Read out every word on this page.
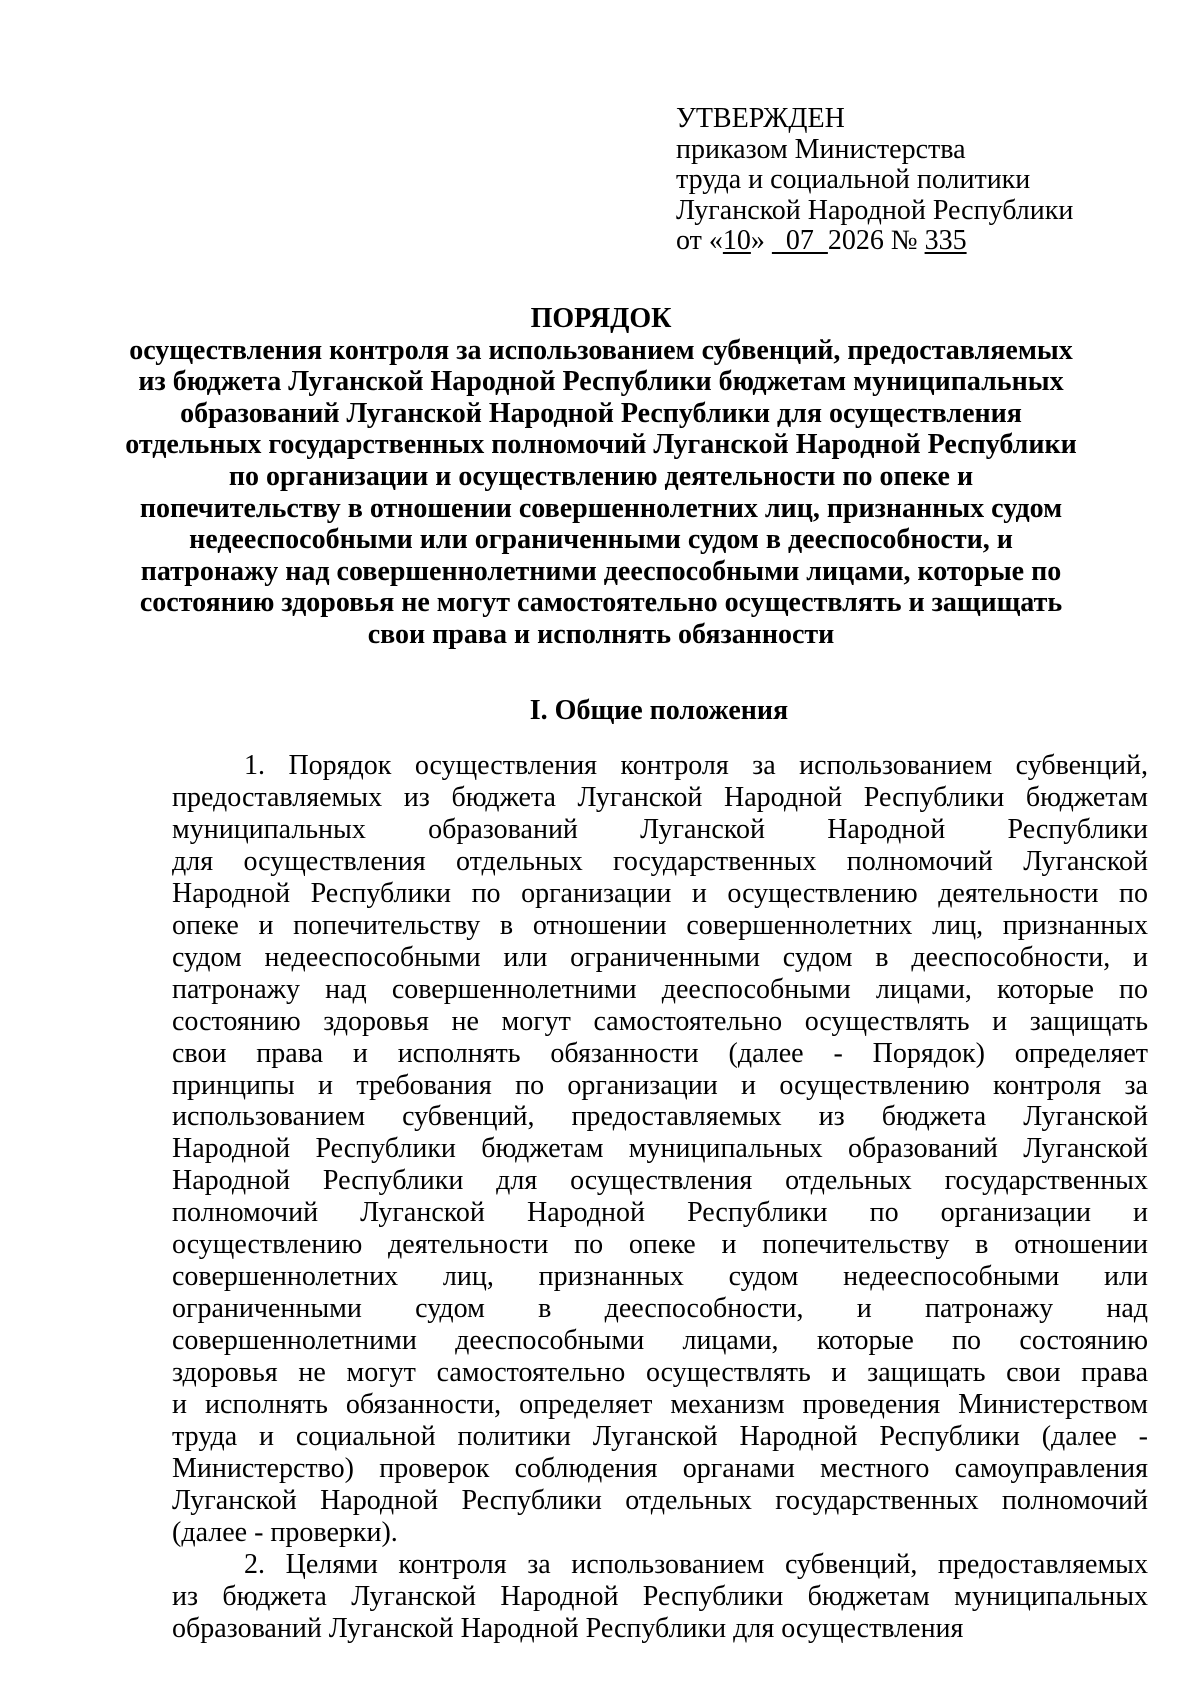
УТВЕРЖДЕН
приказом Министерства
труда и социальной политики
Луганской Народной Республики
от «10»   07  2026 № 335
ПОРЯДОК
осуществления контроля за использованием субвенций, предоставляемых
из бюджета Луганской Народной Республики бюджетам муниципальных
образований Луганской Народной Республики для осуществления
отдельных государственных полномочий Луганской Народной Республики
по организации и осуществлению деятельности по опеке и
попечительству в отношении совершеннолетних лиц, признанных судом
недееспособными или ограниченными судом в дееспособности, и
патронажу над совершеннолетними дееспособными лицами, которые по
состоянию здоровья не могут самостоятельно осуществлять и защищать
свои права и исполнять обязанности
I. Общие положения
1. Порядок осуществления контроля за использованием субвенций,
предоставляемых из бюджета Луганской Народной Республики бюджетам
муниципальных образований Луганской Народной Республики
для осуществления отдельных государственных полномочий Луганской
Народной Республики по организации и осуществлению деятельности по
опеке и попечительству в отношении совершеннолетних лиц, признанных
судом недееспособными или ограниченными судом в дееспособности, и
патронажу над совершеннолетними дееспособными лицами, которые по
состоянию здоровья не могут самостоятельно осуществлять и защищать
свои права и исполнять обязанности (далее - Порядок) определяет
принципы и требования по организации и осуществлению контроля за
использованием субвенций, предоставляемых из бюджета Луганской
Народной Республики бюджетам муниципальных образований Луганской
Народной Республики для осуществления отдельных государственных
полномочий Луганской Народной Республики по организации и
осуществлению деятельности по опеке и попечительству в отношении
совершеннолетних лиц, признанных судом недееспособными или
ограниченными судом в дееспособности, и патронажу над
совершеннолетними дееспособными лицами, которые по состоянию
здоровья не могут самостоятельно осуществлять и защищать свои права
и исполнять обязанности, определяет механизм проведения Министерством
труда и социальной политики Луганской Народной Республики (далее -
Министерство) проверок соблюдения органами местного самоуправления
Луганской Народной Республики отдельных государственных полномочий
(далее - проверки).
2. Целями контроля за использованием субвенций, предоставляемых
из бюджета Луганской Народной Республики бюджетам муниципальных
образований Луганской Народной Республики для осуществления
